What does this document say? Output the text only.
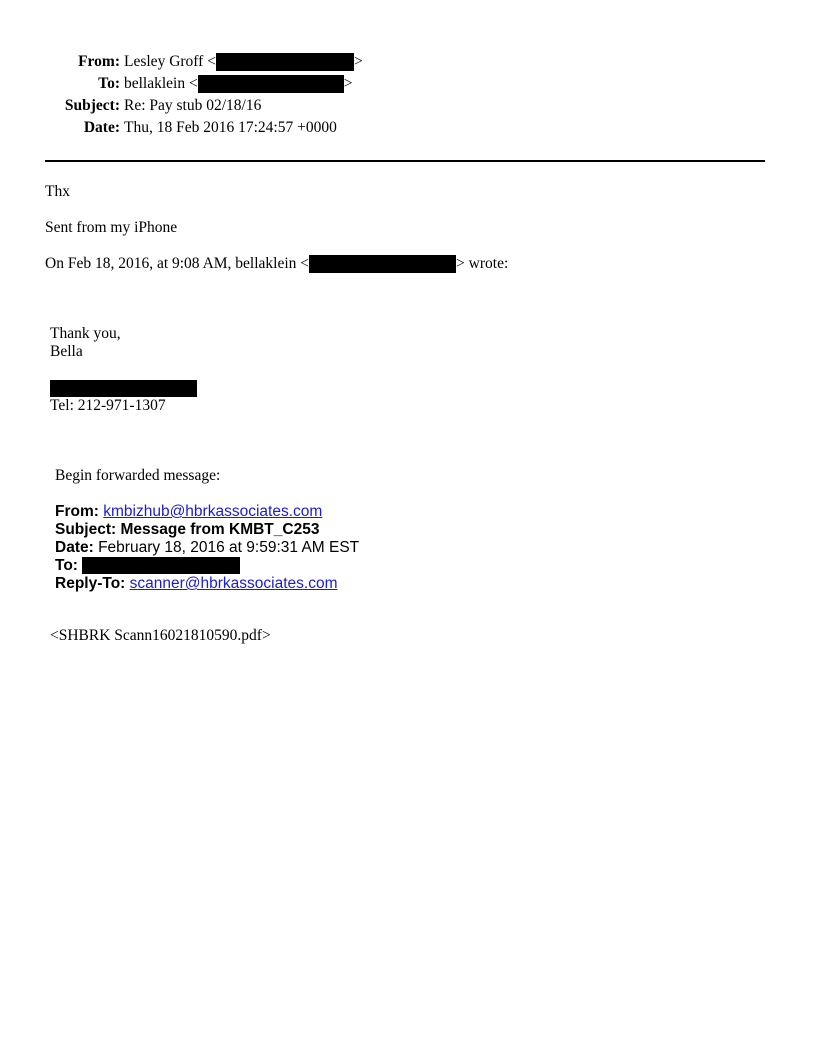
From: Lesley Groff <	>
To: bellaklein <	>
Subject: Re: Pay stub 02/18/16
Date: Thu, 18 Feb 2016 17:24:57 +0000
Thx
Sent from my iPhone
On Feb 18, 2016, at 9:08 AM, bellaklein <	> wrote:
Thank you,
Bella
Tel: 212-971-1307
Begin forwarded message:
From: kmbizhub@hbrkassociates.com
Subject: Message from KMBT_C253
Date: February 18, 2016 at 9:59:31 AM EST
To:
Reply-To: scanner@hbrkassociates.com
<SHBRK Scann16021810590.pdf>
